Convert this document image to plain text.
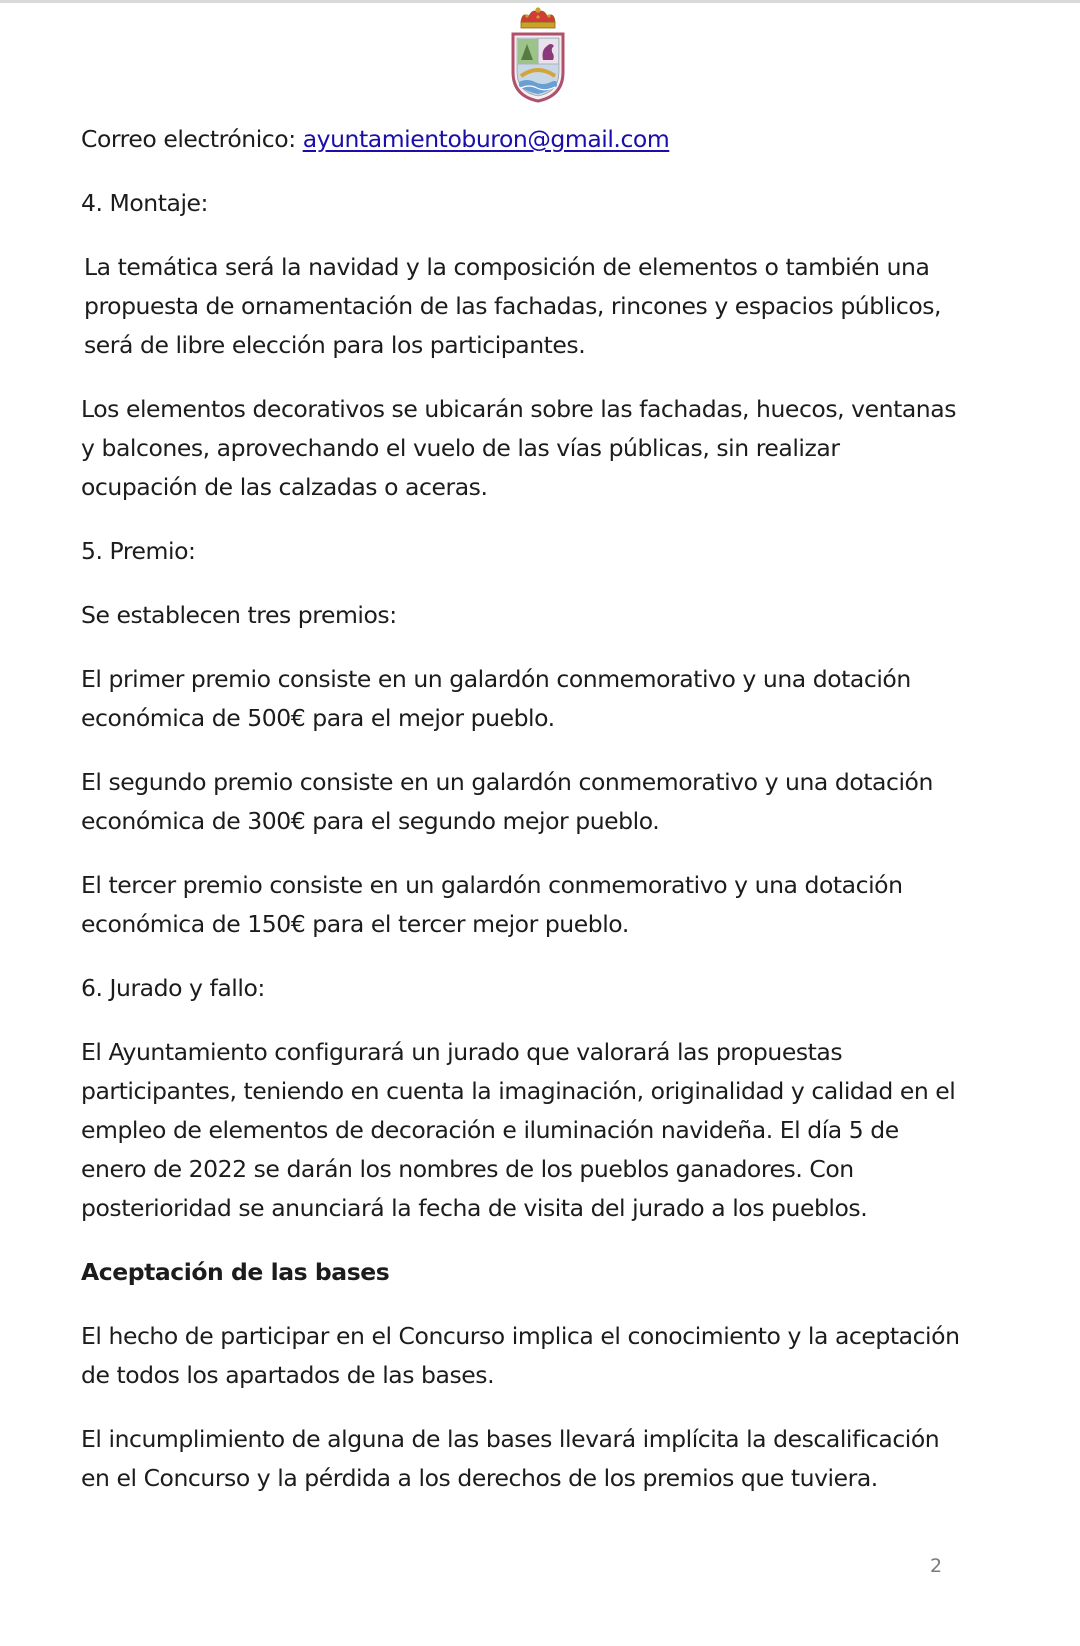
Correo electrónico: ayuntamientoburon@gmail.com

4. Montaje:

La temática será la navidad y la composición de elementos o también una propuesta de ornamentación de las fachadas, rincones y espacios públicos, será de libre elección para los participantes.

Los elementos decorativos se ubicarán sobre las fachadas, huecos, ventanas y balcones, aprovechando el vuelo de las vías públicas, sin realizar ocupación de las calzadas o aceras.

5. Premio:

Se establecen tres premios:

El primer premio consiste en un galardón conmemorativo y una dotación económica de 500€ para el mejor pueblo.

El segundo premio consiste en un galardón conmemorativo y una dotación económica de 300€ para el segundo mejor pueblo.

El tercer premio consiste en un galardón conmemorativo y una dotación económica de 150€ para el tercer mejor pueblo.

6. Jurado y fallo:

El Ayuntamiento configurará un jurado que valorará las propuestas participantes, teniendo en cuenta la imaginación, originalidad y calidad en el empleo de elementos de decoración e iluminación navideña. El día 5 de enero de 2022 se darán los nombres de los pueblos ganadores. Con posterioridad se anunciará la fecha de visita del jurado a los pueblos.

Aceptación de las bases

El hecho de participar en el Concurso implica el conocimiento y la aceptación de todos los apartados de las bases.

El incumplimiento de alguna de las bases llevará implícita la descalificación en el Concurso y la pérdida a los derechos de los premios que tuviera.

2
